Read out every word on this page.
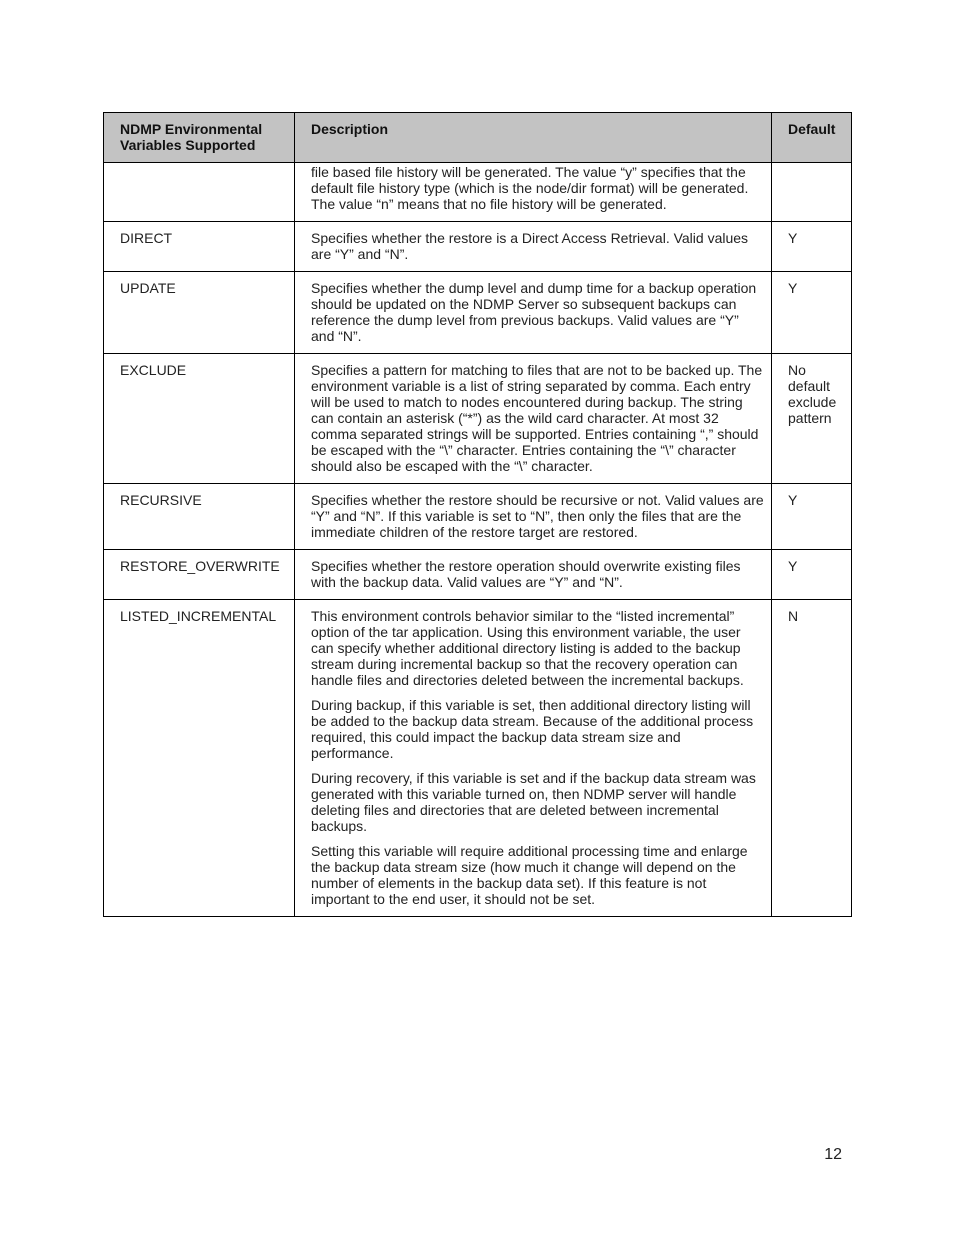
NDMP Environmental Variables Supported	Description	Default

	file based file history will be generated. The value “y” specifies that the default file history type (which is the node/dir format) will be generated. The value “n” means that no file history will be generated.	

DIRECT	Specifies whether the restore is a Direct Access Retrieval. Valid values are “Y” and “N”.	Y
UPDATE	Specifies whether the dump level and dump time for a backup operation should be updated on the NDMP Server so subsequent backups can reference the dump level from previous backups. Valid values are “Y” and “N”.	Y
EXCLUDE	Specifies a pattern for matching to files that are not to be backed up. The environment variable is a list of string separated by comma. Each entry will be used to match to nodes encountered during backup. The string can contain an asterisk (“*”) as the wild card character. At most 32 comma separated strings will be supported. Entries containing “,” should be escaped with the “\” character. Entries containing the “\” character should also be escaped with the “\” character.	No default exclude pattern
RECURSIVE	Specifies whether the restore should be recursive or not. Valid values are “Y” and “N”. If this variable is set to “N”, then only the files that are the immediate children of the restore target are restored.	Y
RESTORE_OVERWRITE	Specifies whether the restore operation should overwrite existing files with the backup data. Valid values are “Y” and “N”.	Y
LISTED_INCREMENTAL	This environment controls behavior similar to the “listed incremental” option of the tar application. Using this environment variable, the user can specify whether additional directory listing is added to the backup stream during incremental backup so that the recovery operation can handle files and directories deleted between the incremental backups.

During backup, if this variable is set, then additional directory listing will be added to the backup data stream. Because of the additional process required, this could impact the backup data stream size and performance.

During recovery, if this variable is set and if the backup data stream was generated with this variable turned on, then NDMP server will handle deleting files and directories that are deleted between incremental backups.

Setting this variable will require additional processing time and enlarge the backup data stream size (how much it change will depend on the number of elements in the backup data set). If this feature is not important to the end user, it should not be set.	N
12
